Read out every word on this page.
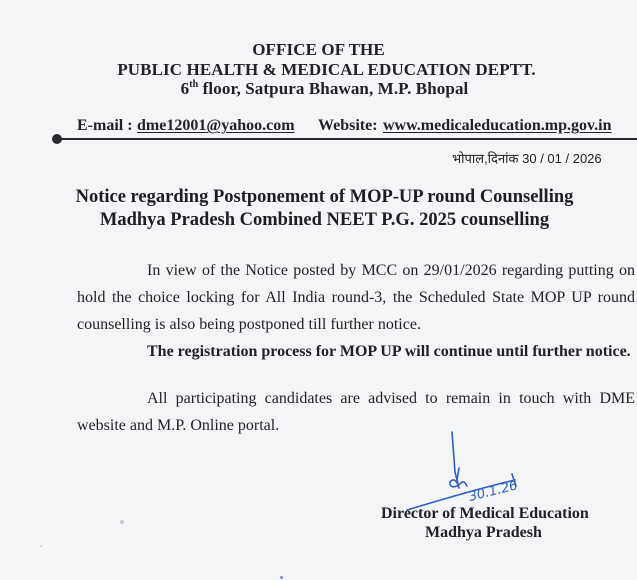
OFFICE OF THE
PUBLIC HEALTH & MEDICAL EDUCATION DEPTT.
6th floor, Satpura Bhawan, M.P. Bhopal
E-mail : dme12001@yahoo.com Website: www.medicaleducation.mp.gov.in
भोपाल,दिनांक 30 / 01 / 2026
Notice regarding Postponement of MOP-UP round Counselling
Madhya Pradesh Combined NEET P.G. 2025 counselling
In view of the Notice posted by MCC on 29/01/2026 regarding putting on hold the choice locking for All India round-3, the Scheduled State MOP UP round counselling is also being postponed till further notice.
The registration process for MOP UP will continue until further notice.
All participating candidates are advised to remain in touch with DME website and M.P. Online portal.
30.1.26
Director of Medical Education
Madhya Pradesh
